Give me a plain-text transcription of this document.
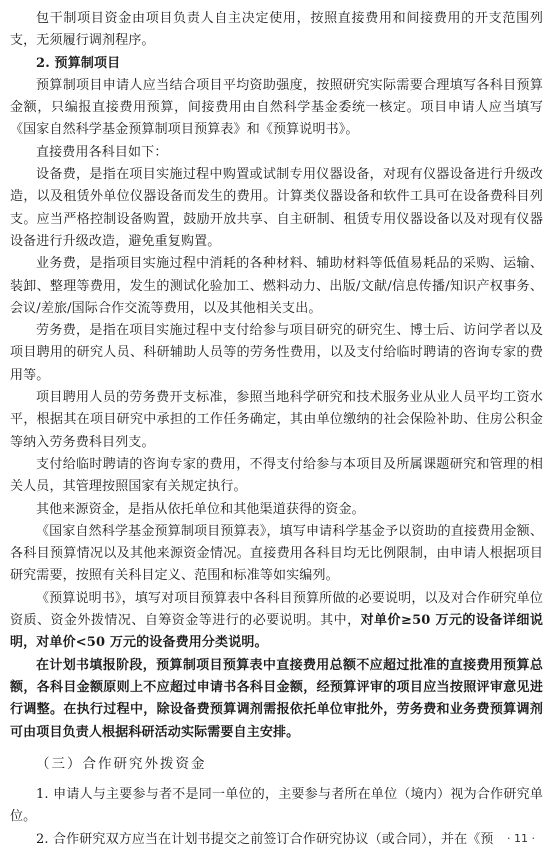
包干制项目资金由项目负责人自主决定使用，按照直接费用和间接费用的开支范围列支，无须履行调剂程序。

2. 预算制项目

预算制项目申请人应当结合项目平均资助强度，按照研究实际需要合理填写各科目预算金额，只编报直接费用预算，间接费用由自然科学基金委统一核定。项目申请人应当填写《国家自然科学基金预算制项目预算表》和《预算说明书》。

直接费用各科目如下：

设备费，是指在项目实施过程中购置或试制专用仪器设备，对现有仪器设备进行升级改造，以及租赁外单位仪器设备而发生的费用。计算类仪器设备和软件工具可在设备费科目列支。应当严格控制设备购置，鼓励开放共享、自主研制、租赁专用仪器设备以及对现有仪器设备进行升级改造，避免重复购置。

业务费，是指项目实施过程中消耗的各种材料、辅助材料等低值易耗品的采购、运输、装卸、整理等费用，发生的测试化验加工、燃料动力、出版/文献/信息传播/知识产权事务、会议/差旅/国际合作交流等费用，以及其他相关支出。

劳务费，是指在项目实施过程中支付给参与项目研究的研究生、博士后、访问学者以及项目聘用的研究人员、科研辅助人员等的劳务性费用，以及支付给临时聘请的咨询专家的费用等。

项目聘用人员的劳务费开支标准，参照当地科学研究和技术服务业从业人员平均工资水平，根据其在项目研究中承担的工作任务确定，其由单位缴纳的社会保险补助、住房公积金等纳入劳务费科目列支。

支付给临时聘请的咨询专家的费用，不得支付给参与本项目及所属课题研究和管理的相关人员，其管理按照国家有关规定执行。

其他来源资金，是指从依托单位和其他渠道获得的资金。

《国家自然科学基金预算制项目预算表》，填写申请科学基金予以资助的直接费用金额、各科目预算情况以及其他来源资金情况。直接费用各科目均无比例限制，由申请人根据项目研究需要，按照有关科目定义、范围和标准等如实编列。

《预算说明书》，填写对项目预算表中各科目预算所做的必要说明，以及对合作研究单位资质、资金外拨情况、自筹资金等进行的必要说明。其中，对单价≥50 万元的设备详细说明，对单价<50 万元的设备费用分类说明。

在计划书填报阶段，预算制项目预算表中直接费用总额不应超过批准的直接费用预算总额，各科目金额原则上不应超过申请书各科目金额，经预算评审的项目应当按照评审意见进行调整。在执行过程中，除设备费预算调剂需报依托单位审批外，劳务费和业务费预算调剂可由项目负责人根据科研活动实际需要自主安排。

（三）合作研究外拨资金

1. 申请人与主要参与者不是同一单位的，主要参与者所在单位（境内）视为合作研究单位。

2. 合作研究双方应当在计划书提交之前签订合作研究协议（或合同），并在《预	· 11 ·
